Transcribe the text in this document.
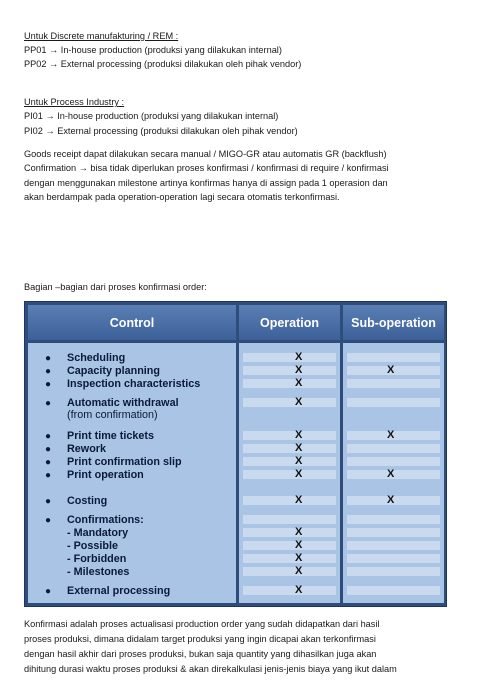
Untuk Discrete manufakturing / REM :
PP01 → In-house production (produksi yang dilakukan internal)
PP02 → External processing (produksi dilakukan oleh pihak vendor)
Untuk Process Industry :
PI01 → In-house production (produksi yang dilakukan internal)
PI02 → External processing (produksi dilakukan oleh pihak vendor)
Goods receipt dapat dilakukan secara manual / MIGO-GR atau automatis GR (backflush)
Confirmation → bisa tidak diperlukan proses konfirmasi / konfirmasi di require / konfirmasi
dengan menggunakan milestone artinya konfirmas hanya di assign pada 1 operasion dan
akan berdampak pada operation-operation lagi secara otomatis terkonfirmasi.
Bagian –bagian dari proses konfirmasi order:
Control	Operation	Sub-operation
● Scheduling
● Capacity planning
● Inspection characteristics
● Automatic withdrawal
(from confirmation)
● Print time tickets
● Rework
● Print confirmation slip
● Print operation
● Costing
● Confirmations:
- Mandatory
- Possible
- Forbidden
- Milestones
● External processing
X
X
X
X
X
X
X
X
X
X
X
X
X
X
X
X
X
X
Konfirmasi adalah proses actualisasi production order yang sudah didapatkan dari hasil
proses produksi, dimana didalam target produksi yang ingin dicapai akan terkonfirmasi
dengan hasil akhir dari proses produksi, bukan saja quantity yang dihasilkan juga akan
dihitung durasi waktu proses produksi & akan direkalkulasi jenis-jenis biaya yang ikut dalam
